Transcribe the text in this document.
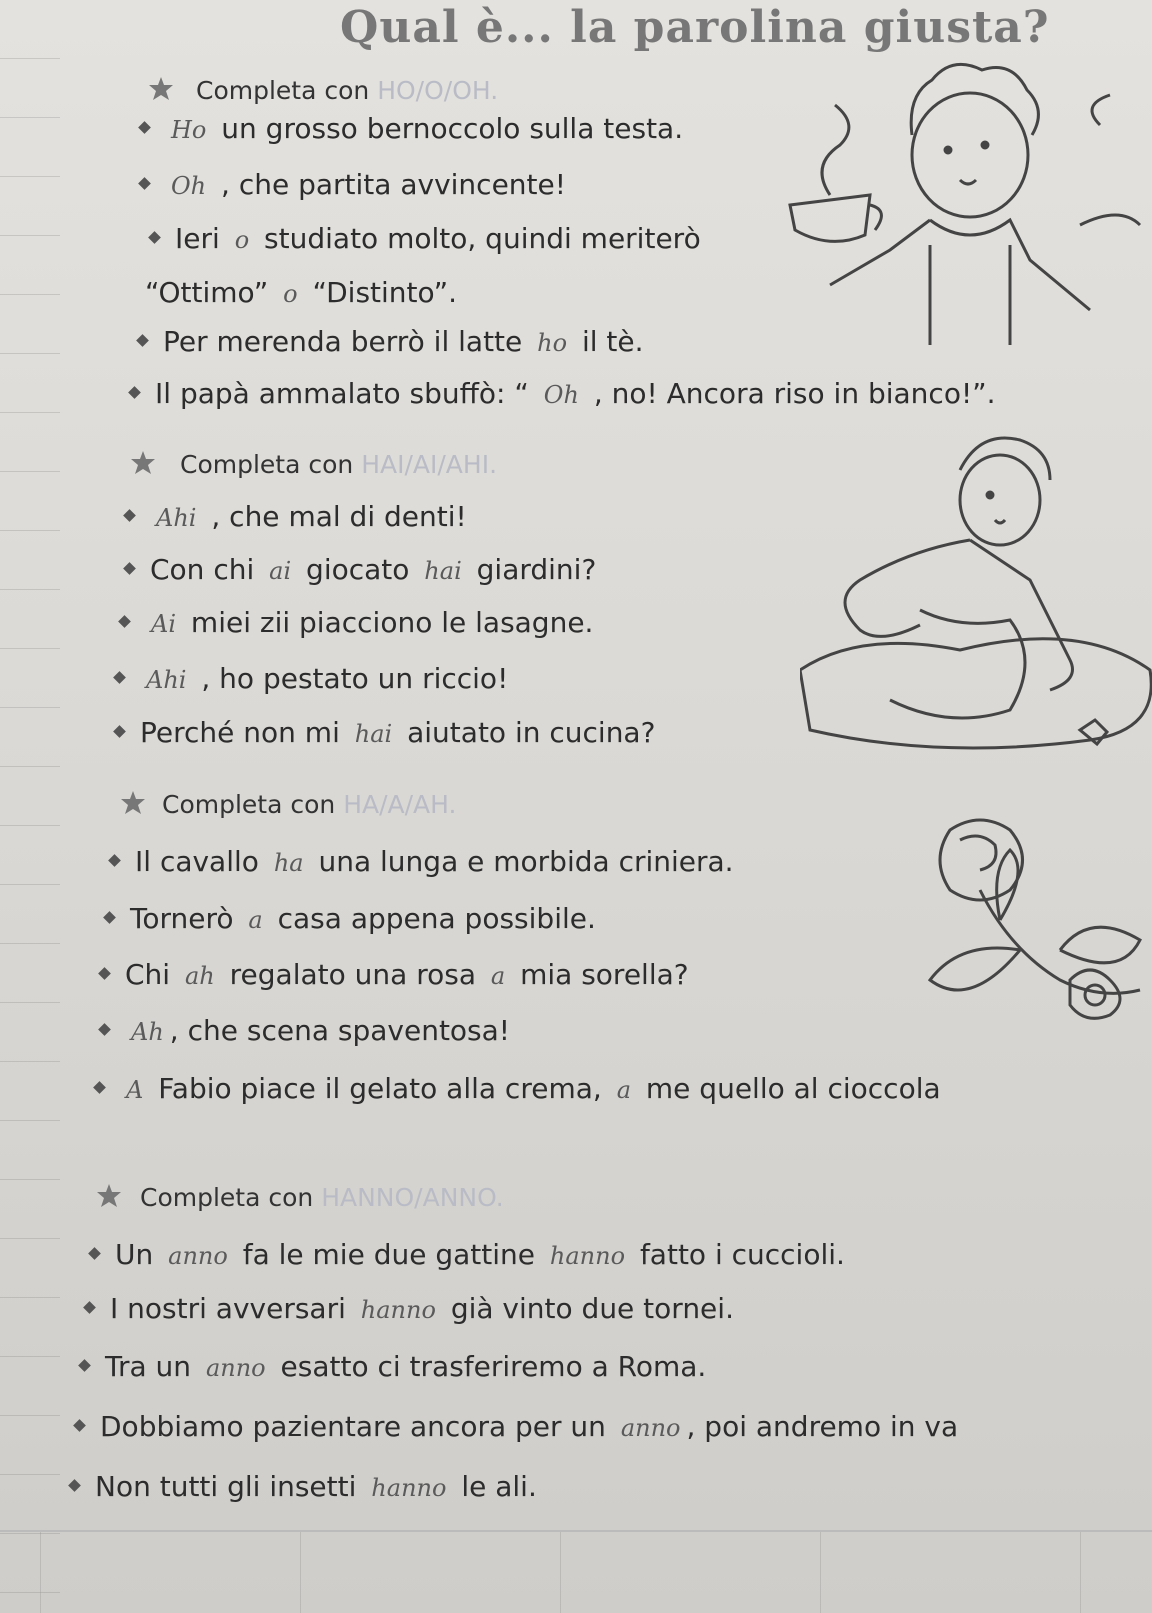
Qual è... la parolina giusta?
Completa con HO/O/OH.
Ho un grosso bernoccolo sulla testa.
Oh , che partita avvincente!
Ieri o studiato molto, quindi meriterò
“Ottimo” o “Distinto”.
Per merenda berrò il latte ho il tè.
Il papà ammalato sbuffò: “ Oh , no! Ancora riso in bianco!”.
Completa con HAI/AI/AHI.
Ahi , che mal di denti!
Con chi ai giocato hai giardini?
Ai miei zii piacciono le lasagne.
Ahi , ho pestato un riccio!
Perché non mi hai aiutato in cucina?
Completa con HA/A/AH.
Il cavallo ha una lunga e morbida criniera.
Tornerò a casa appena possibile.
Chi ah regalato una rosa a mia sorella?
Ah , che scena spaventosa!
A Fabio piace il gelato alla crema, a me quello al cioccola
Completa con HANNO/ANNO.
Un anno fa le mie due gattine hanno fatto i cuccioli.
I nostri avversari hanno già vinto due tornei.
Tra un anno esatto ci trasferiremo a Roma.
Dobbiamo pazientare ancora per un anno , poi andremo in va
Non tutti gli insetti hanno le ali.
